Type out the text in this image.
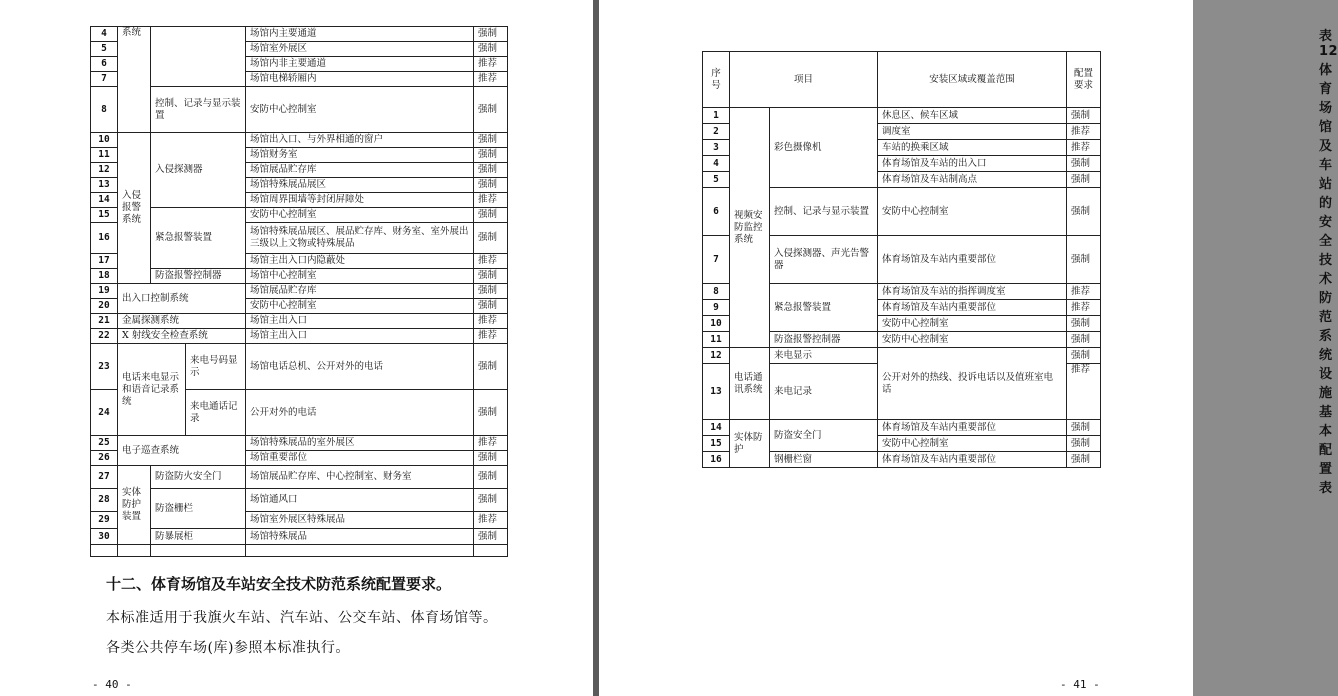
4	系统			场馆内主要通道	强制
5				场馆室外展区	强制
6				场馆内非主要通道	推荐
7				场馆电梯轿厢内	推荐
8		控制、记录与显示装置		安防中心控制室	强制
10	入侵报警系统	入侵探测器		场馆出入口、与外界相通的窗户	强制
11				场馆财务室	强制
12				场馆展品贮存库	强制
13				场馆特殊展品展区	强制
14				场馆周界围墙等封闭屏障处	推荐
15		紧急报警装置		安防中心控制室	强制
16				场馆特殊展品展区、展品贮存库、财务室、室外展出三级以上文物或特殊展品	强制
17				场馆主出入口内隐蔽处	推荐
18		防盗报警控制器		场馆中心控制室	强制
19	出入口控制系统			场馆展品贮存库	强制
20				安防中心控制室	强制
21	金属探测系统			场馆主出入口	推荐
22	X 射线安全检查系统			场馆主出入口	推荐
23	电话来电显示和语音记录系统		来电号码显示	场馆电话总机、公开对外的电话	强制
24			来电通话记录	公开对外的电话	强制
25	电子巡查系统			场馆特殊展品的室外展区	推荐
26				场馆重要部位	强制
27	实体防护装置	防盗防火安全门		场馆展品贮存库、中心控制室、财务室	强制
28		防盗栅栏		场馆通风口	强制
29				场馆室外展区特殊展品	推荐
30		防暴展柜		场馆特殊展品	强制

十二、体育场馆及车站安全技术防范系统配置要求。
本标准适用于我旗火车站、汽车站、公交车站、体育场馆等。
各类公共停车场(库)参照本标准执行。
- 40 -
表 12 体育场馆及车站的安全技术防范系统设施基本配置表
序号	项目		安装区域或覆盖范围	配置要求
1	视频安防监控系统	彩色摄像机	休息区、候车区域	强制
2			调度室	推荐
3			车站的换乘区域	推荐
4			体育场馆及车站的出入口	强制
5			体育场馆及车站制高点	强制
6		控制、记录与显示装置	安防中心控制室	强制
7		入侵探测器、声光告警器	体育场馆及车站内重要部位	强制
8		紧急报警装置	体育场馆及车站的指挥调度室	推荐
9			体育场馆及车站内重要部位	推荐
10			安防中心控制室	强制
11		防盗报警控制器	安防中心控制室	强制
12	电话通讯系统	来电显示	公开对外的热线、投诉电话以及值班室电话	强制
13		来电记录		推荐
14	实体防护	防盗安全门	体育场馆及车站内重要部位	强制
15			安防中心控制室	强制
16		钢栅栏窗	体育场馆及车站内重要部位	强制
- 41 -
